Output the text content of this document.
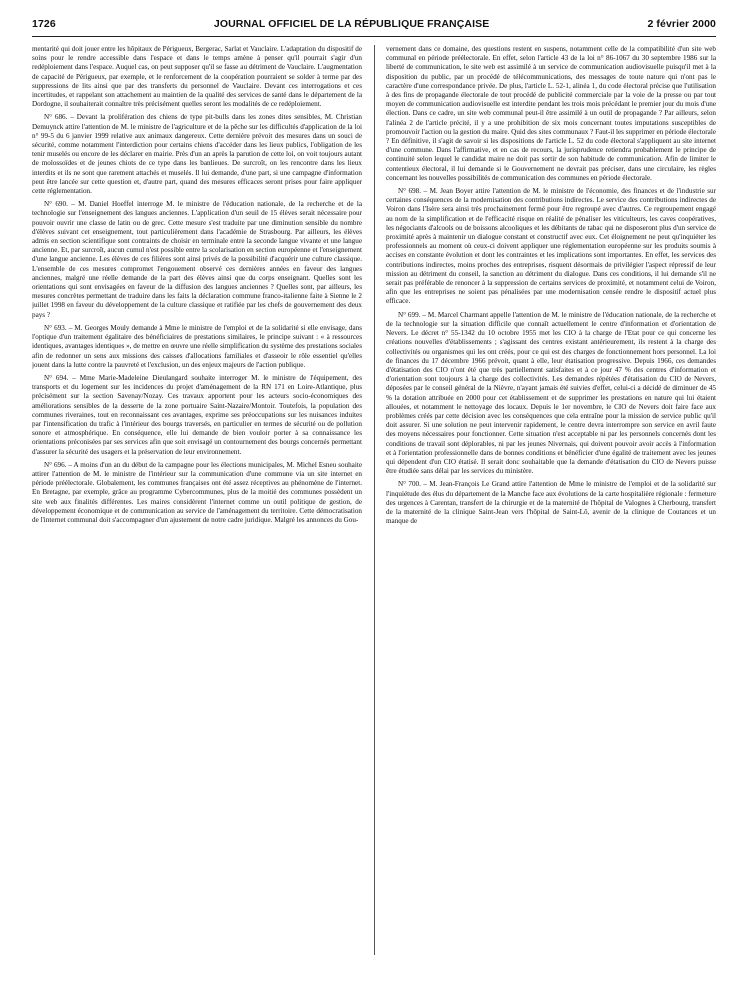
1726	JOURNAL OFFICIEL DE LA RÉPUBLIQUE FRANÇAISE	2 février 2000

mentarité qui doit jouer entre les hôpitaux de Périgueux, Bergerac, Sarlat et Vauclaire. L'adaptation du dispositif de soins pour le rendre accessible dans l'espace et dans le temps amène à penser qu'il pourrait s'agir d'un redéploiement dans l'espace. Auquel cas, on peut supposer qu'il se fasse au détriment de Vauclaire. L'augmentation de capacité de Périgueux, par exemple, et le renforcement de la coopération pourraient se solder à terme par des suppressions de lits ainsi que par des transferts du personnel de Vauclaire. Devant ces interrogations et ces incertitudes, et rappelant son attachement au maintien de la qualité des services de santé dans le département de la Dordogne, il souhaiterait connaître très précisément quelles seront les modalités de ce redéploiement.

N° 686. – Devant la prolifération des chiens de type pit-bulls dans les zones dites sensibles, M. Christian Demuynck attire l'attention de M. le ministre de l'agriculture et de la pêche sur les difficultés d'application de la loi n° 99-5 du 6 janvier 1999 relative aux animaux dangereux. Cette dernière prévoit des mesures dans un souci de sécurité, comme notamment l'interdiction pour certains chiens d'accéder dans les lieux publics, l'obligation de les tenir muselés ou encore de les déclarer en mairie. Près d'un an après la parution de cette loi, on voit toujours autant de molossoïdes et de jeunes chiots de ce type dans les banlieues. De surcroît, on les rencontre dans les lieux interdits et ils ne sont que rarement attachés et muselés. Il lui demande, d'une part, si une campagne d'information peut être lancée sur cette question et, d'autre part, quand des mesures efficaces seront prises pour faire appliquer cette réglementation.

N° 690. – M. Daniel Hoeffel interroge M. le ministre de l'éducation nationale, de la recherche et de la technologie sur l'enseignement des langues anciennes. L'application d'un seuil de 15 élèves serait nécessaire pour pouvoir ouvrir une classe de latin ou de grec. Cette mesure s'est traduite par une diminution sensible du nombre d'élèves suivant cet enseignement, tout particulièrement dans l'académie de Strasbourg. Par ailleurs, les élèves admis en section scientifique sont contraints de choisir en terminale entre la seconde langue vivante et une langue ancienne. Et, par surcroît, aucun cumul n'est possible entre la scolarisation en section européenne et l'enseignement d'une langue ancienne. Les élèves de ces filières sont ainsi privés de la possibilité d'acquérir une culture classique. L'ensemble de ces mesures compromet l'engouement observé ces dernières années en faveur des langues anciennes, malgré une réelle demande de la part des élèves ainsi que du corps enseignant. Quelles sont les orientations qui sont envisagées en faveur de la diffusion des langues anciennes ? Quelles sont, par ailleurs, les mesures concrètes permettant de traduire dans les faits la déclaration commune franco-italienne faite à Sienne le 2 juillet 1998 en faveur du développement de la culture classique et ratifiée par les chefs de gouvernement des deux pays ?

N° 693. – M. Georges Mouly demande à Mme le ministre de l'emploi et de la solidarité si elle envisage, dans l'optique d'un traitement égalitaire des bénéficiaires de prestations similaires, le principe suivant : « à ressources identiques, avantages identiques », de mettre en œuvre une réelle simplification du système des prestations sociales afin de redonner un sens aux missions des caisses d'allocations familiales et d'asseoir le rôle essentiel qu'elles jouent dans la lutte contre la pauvreté et l'exclusion, un des enjeux majeurs de l'action publique.

N° 694. – Mme Marie-Madeleine Dieulangard souhaite interroger M. le ministre de l'équipement, des transports et du logement sur les incidences du projet d'aménagement de la RN 171 en Loire-Atlantique, plus précisément sur la section Savenay/Nozay. Ces travaux apportent pour les acteurs socio-économiques des améliorations sensibles de la desserte de la zone portuaire Saint-Nazaire/Montoir. Toutefois, la population des communes riveraines, tout en reconnaissant ces avantages, exprime ses préoccupations sur les nuisances induites par l'intensification du trafic à l'intérieur des bourgs traversés, en particulier en termes de sécurité ou de pollution sonore et atmosphérique. En conséquence, elle lui demande de bien vouloir porter à sa connaissance les orientations préconisées par ses services afin que soit envisagé un contournement des bourgs concernés permettant d'assurer la sécurité des usagers et la préservation de leur environnement.

N° 696. – A moins d'un an du début de la campagne pour les élections municipales, M. Michel Esneu souhaite attirer l'attention de M. le ministre de l'intérieur sur la communication d'une commune via un site internet en période préélectorale. Globalement, les communes françaises ont été assez réceptives au phénomène de l'internet. En Bretagne, par exemple, grâce au programme Cybercommunes, plus de la moitié des communes possèdent un site web aux finalités différentes. Les maires considèrent l'internet comme un outil politique de gestion, de développement économique et de communication au service de l'aménagement du territoire. Cette démocratisation de l'internet communal doit s'accompagner d'un ajustement de notre cadre juridique. Malgré les annonces du Gou-

vernement dans ce domaine, des questions restent en suspens, notamment celle de la compatibilité d'un site web communal en période préélectorale. En effet, selon l'article 43 de la loi n° 86-1067 du 30 septembre 1986 sur la liberté de communication, le site web est assimilé à un service de communication audiovisuelle puisqu'il met à la disposition du public, par un procédé de télécommunications, des messages de toute nature qui n'ont pas le caractère d'une correspondance privée. De plus, l'article L. 52-1, alinéa 1, du code électoral précise que l'utilisation à des fins de propagande électorale de tout procédé de publicité commerciale par la voie de la presse ou par tout moyen de communication audiovisuelle est interdite pendant les trois mois précédant le premier jour du mois d'une élection. Dans ce cadre, un site web communal peut-il être assimilé à un outil de propagande ? Par ailleurs, selon l'alinéa 2 de l'article précité, il y a une prohibition de six mois concernant toutes imputations susceptibles de promouvoir l'action ou la gestion du maire. Quid des sites communaux ? Faut-il les supprimer en période électorale ? En définitive, il s'agit de savoir si les dispositions de l'article L. 52 du code électoral s'appliquent au site internet d'une commune. Dans l'affirmative, et en cas de recours, la jurisprudence retiendra probablement le principe de continuité selon lequel le candidat maire ne doit pas sortir de son habitude de communication. Afin de limiter le contentieux électoral, il lui demande si le Gouvernement ne devrait pas préciser, dans une circulaire, les règles concernant les nouvelles possibilités de communication des communes en période électorale.

N° 698. – M. Jean Boyer attire l'attention de M. le ministre de l'économie, des finances et de l'industrie sur certaines conséquences de la modernisation des contributions indirectes. Le service des contributions indirectes de Voiron dans l'Isère sera ainsi très prochainement fermé pour être regroupé avec d'autres. Ce regroupement engagé au nom de la simplification et de l'efficacité risque en réalité de pénaliser les viticulteurs, les caves coopératives, les négociants d'alcools ou de boissons alcooliques et les débitants de tabac qui ne disposeront plus d'un service de proximité après à maintenir un dialogue constant et constructif avec eux. Cet éloignement ne peut qu'inquiéter les professionnels au moment où ceux-ci doivent appliquer une réglementation européenne sur les produits soumis à accises en constante évolution et dont les contraintes et les implications sont importantes. En effet, les services des contributions indirectes, moins proches des entreprises, risquent désormais de privilégier l'aspect répressif de leur mission au détriment du conseil, la sanction au détriment du dialogue. Dans ces conditions, il lui demande s'il ne serait pas préférable de renoncer à la suppression de certains services de proximité, et notamment celui de Voiron, afin que les entreprises ne soient pas pénalisées par une modernisation censée rendre le dispositif actuel plus efficace.

N° 699. – M. Marcel Charmant appelle l'attention de M. le ministre de l'éducation nationale, de la recherche et de la technologie sur la situation difficile que connaît actuellement le centre d'information et d'orientation de Nevers. Le décret n° 55-1342 du 10 octobre 1955 met les CIO à la charge de l'Etat pour ce qui concerne les créations nouvelles d'établissements ; s'agissant des centres existant antérieurement, ils restent à la charge des collectivités ou organismes qui les ont créés, pour ce qui est des charges de fonctionnement hors personnel. La loi de finances du 17 décembre 1966 prévoit, quant à elle, leur étatisation progressive. Depuis 1966, ces demandes d'étatisation des CIO n'ont été que très partiellement satisfaites et à ce jour 47 % des centres d'information et d'orientation sont toujours à la charge des collectivités. Les demandes répétées d'étatisation du CIO de Nevers, déposées par le conseil général de la Nièvre, n'ayant jamais été suivies d'effet, celui-ci a décidé de diminuer de 45 % la dotation attribuée en 2000 pour cet établissement et de supprimer les prestations en nature qui lui étaient allouées, et notamment le nettoyage des locaux. Depuis le 1er novembre, le CIO de Nevers doit faire face aux problèmes créés par cette décision avec les conséquences que cela entraîne pour la mission de service public qu'il doit assurer. Si une solution ne peut intervenir rapidement, le centre devra interrompre son service en avril faute des moyens nécessaires pour fonctionner. Cette situation n'est acceptable ni par les personnels concernés dont les conditions de travail sont déplorables, ni par les jeunes Nivernais, qui doivent pouvoir avoir accès à l'information et à l'orientation professionnelle dans de bonnes conditions et bénéficier d'une égalité de traitement avec les jeunes qui dépendent d'un CIO étatisé. Il serait donc souhaitable que la demande d'étatisation du CIO de Nevers puisse être étudiée sans délai par les services du ministère.

N° 700. – M. Jean-François Le Grand attire l'attention de Mme le ministre de l'emploi et de la solidarité sur l'inquiétude des élus du département de la Manche face aux évolutions de la carte hospitalière régionale : fermeture des urgences à Carentan, transfert de la chirurgie et de la maternité de l'hôpital de Valognes à Cherbourg, transfert de la maternité de la clinique Saint-Jean vers l'hôpital de Saint-Lô, avenir de la clinique de Coutances et un manque de
